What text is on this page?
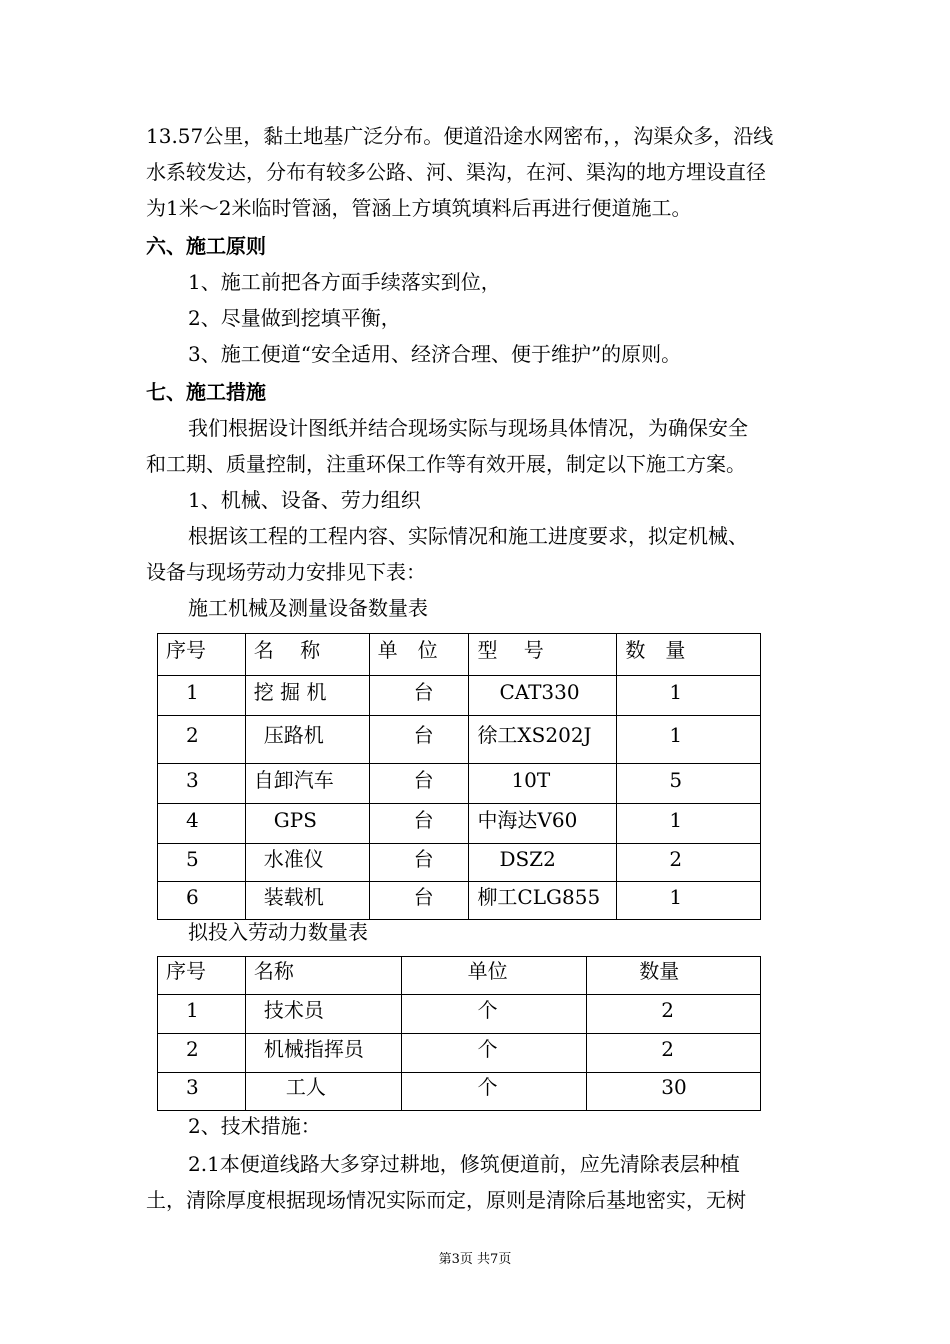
13.57公里，黏土地基广泛分布。便道沿途水网密布，，沟渠众多，沿线
水系较发达，分布有较多公路、河、渠沟，在河、渠沟的地方埋设直径
为1米～2米临时管涵，管涵上方填筑填料后再进行便道施工。
六、施工原则
1、施工前把各方面手续落实到位，
2、尽量做到挖填平衡，
3、施工便道“安全适用、经济合理、便于维护”的原则。
七、施工措施
我们根据设计图纸并结合现场实际与现场具体情况，为确保安全
和工期、质量控制，注重环保工作等有效开展，制定以下施工方案。
1、机械、设备、劳力组织
根据该工程的工程内容、实际情况和施工进度要求，拟定机械、
设备与现场劳动力安排见下表：
施工机械及测量设备数量表
序号	名　 称	单　位	型　 号	数　量
1	挖 掘 机	台	CAT330	1
2	压路机	台	徐工XS202J	1
3	自卸汽车	台	10T	5
4	GPS	台	中海达V60	1
5	水准仪	台	DSZ2	2
6	装载机	台	柳工CLG855	1
拟投入劳动力数量表
序号	名称	单位	数量
1	技术员	个	2
2	机械指挥员	个	2
3	工人	个	30
2、技术措施：
2.1本便道线路大多穿过耕地，修筑便道前，应先清除表层种植
土，清除厚度根据现场情况实际而定，原则是清除后基地密实，无树
第3页 共7页
